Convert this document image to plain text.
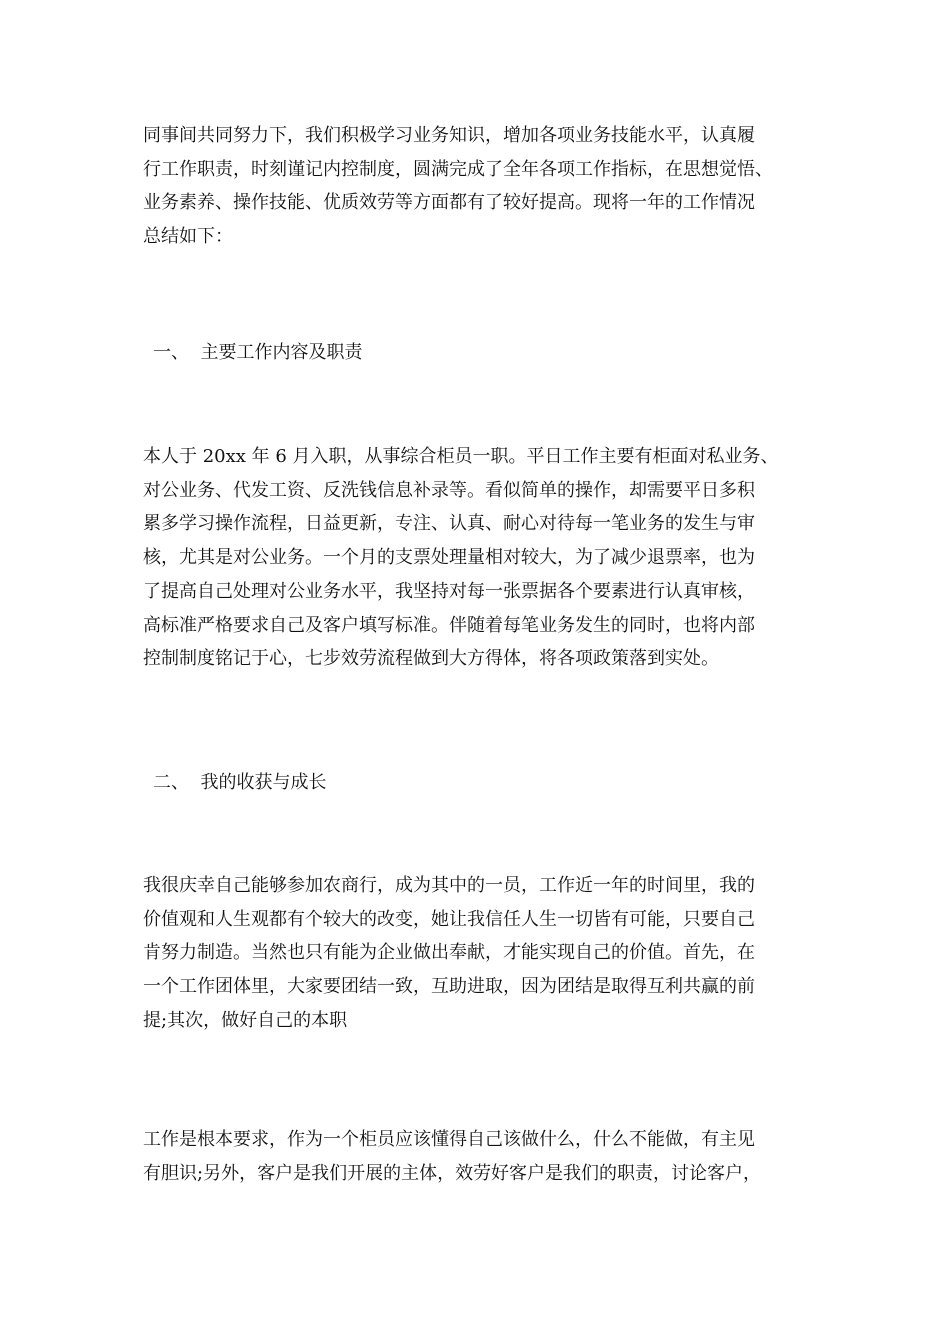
同事间共同努力下，我们积极学习业务知识，增加各项业务技能水平，认真履
行工作职责，时刻谨记内控制度，圆满完成了全年各项工作指标，在思想觉悟、
业务素养、操作技能、优质效劳等方面都有了较好提高。现将一年的工作情况
总结如下：
一、  主要工作内容及职责
本人于 20xx 年 6 月入职，从事综合柜员一职。平日工作主要有柜面对私业务、
对公业务、代发工资、反洗钱信息补录等。看似简单的操作，却需要平日多积
累多学习操作流程，日益更新，专注、认真、耐心对待每一笔业务的发生与审
核，尤其是对公业务。一个月的支票处理量相对较大，为了减少退票率，也为
了提高自己处理对公业务水平，我坚持对每一张票据各个要素进行认真审核，
高标准严格要求自己及客户填写标准。伴随着每笔业务发生的同时，也将内部
控制制度铭记于心，七步效劳流程做到大方得体，将各项政策落到实处。
二、  我的收获与成长
我很庆幸自己能够参加农商行，成为其中的一员，工作近一年的时间里，我的
价值观和人生观都有个较大的改变，她让我信任人生一切皆有可能，只要自己
肯努力制造。当然也只有能为企业做出奉献，才能实现自己的价值。首先，在
一个工作团体里，大家要团结一致，互助进取，因为团结是取得互利共赢的前
提;其次，做好自己的本职
工作是根本要求，作为一个柜员应该懂得自己该做什么，什么不能做，有主见
有胆识;另外，客户是我们开展的主体，效劳好客户是我们的职责，讨论客户，
